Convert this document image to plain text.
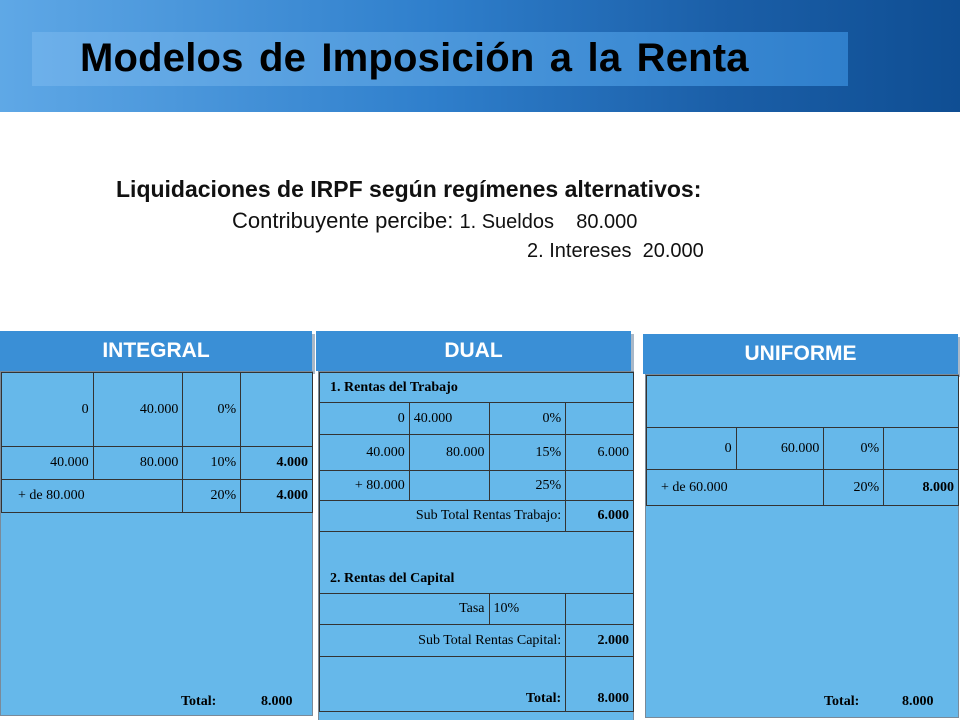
Modelos de Imposición a la Renta
Liquidaciones de IRPF según regímenes alternativos:
Contribuyente percibe: 1. Sueldos    80.000
2. Intereses  20.000
INTEGRAL
0	40.000	0%	
40.000	80.000	10%	4.000
+ de 80.000		20%	4.000
Total:	8.000
DUAL
1. Rentas del Trabajo			
0	40.000	0%	
40.000	80.000	15%	6.000
+ 80.000		25%	
Sub Total Rentas Trabajo:			6.000
2. Rentas del Capital			
Tasa		10%	
Sub Total Rentas Capital:			2.000
Total:			8.000
UNIFORME

0	60.000	0%	
+ de 60.000		20%	8.000
Total:	8.000
